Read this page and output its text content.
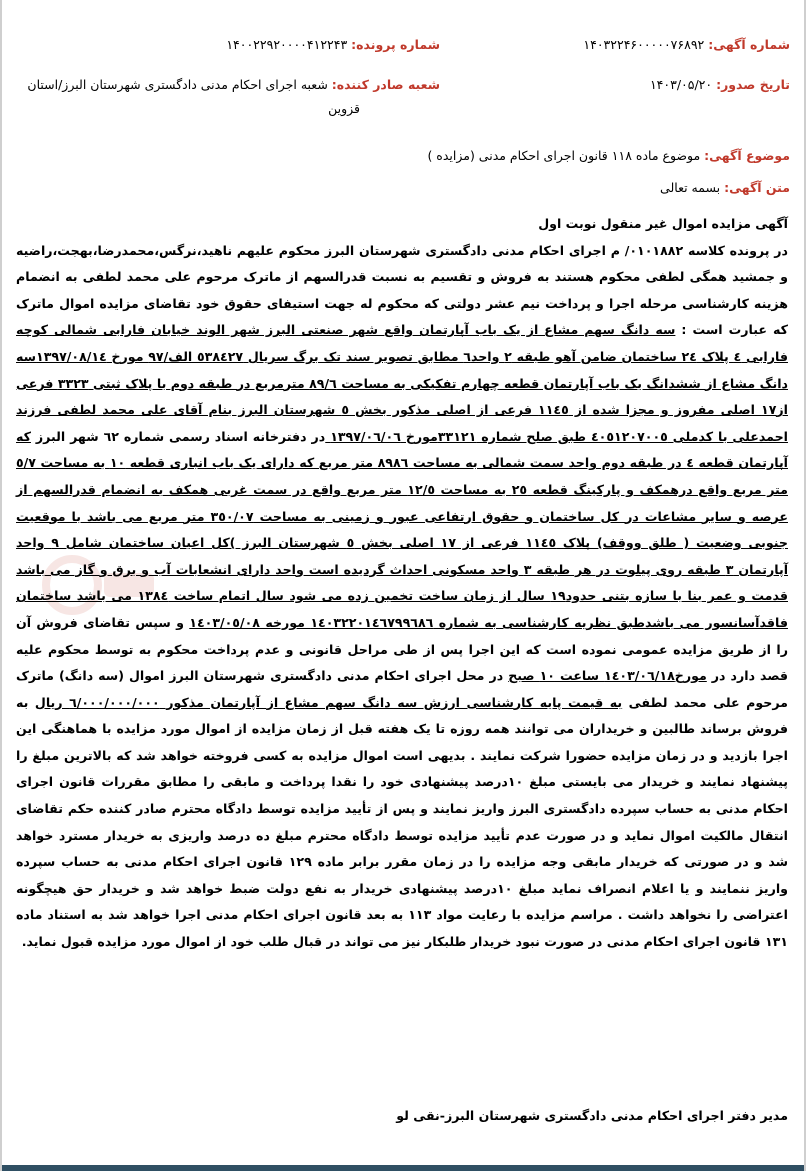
شماره آگهی: ۱۴۰۳۲۲۴۶۰۰۰۰۰۷۶۸۹۲
شماره پرونده: ۱۴۰۰۲۲۹۲۰۰۰۰۴۱۲۲۴۳
تاریخ صدور: ۱۴۰۳/۰۵/۲۰
شعبه صادر کننده: شعبه اجرای احکام مدنی دادگستری شهرستان البرز/استان
قزوین
موضوع آگهی: موضوع ماده ۱۱۸ قانون اجرای احکام مدنی (مزایده )
متن آگهی: بسمه تعالی

آگهی مزایده اموال غیر منقول نوبت اول

در پرونده کلاسه ۰۱۰۱۸۸۲/ م اجرای احکام مدنی دادگستری شهرستان البرز محکوم علیهم ناهید،نرگس،محمدرضا،بهجت،راضیه و جمشید همگی لطفی محکوم هستند به فروش و تقسیم به نسبت قدرالسهم از ماترک مرحوم علی محمد لطفی به انضمام هزینه کارشناسی مرحله اجرا و پرداخت نیم عشر دولتی که محکوم له جهت استیفای حقوق خود تقاضای مزایده اموال ماترک که عبارت است : سه دانگ سهم مشاع از یک باب آپارتمان واقع شهر صنعتی البرز شهر الوند خیابان فارابی شمالی کوچه فارابی ٤ پلاک ٢٤ ساختمان ضامن آهو طبقه ٢ واحد٦ مطابق تصویر سند تک برگ سریال ٥٣٨٤٢٧ الف/٩٧ مورخ ١٣٩٧/٠٨/١٤سه دانگ مشاع از ششدانگ یک باب آپارتمان قطعه چهارم تفکیکی به مساحت ٨٩/٦ مترمربع در طبقه دوم با پلاک ثبتی ٣٣٢٣ فرعی از١٧ اصلی مفروز و مجزا شده از ١١٤٥ فرعی از اصلی مذکور بخش ٥ شهرستان البرز بنام آقای علی محمد لطفی فرزند احمدعلی با کدملی ٤٠٥١٢٠٧٠٠٥ طبق صلح شماره ٣٣١٢١مورخ ١٣٩٧/٠٦/٠٦ در دفترخانه اسناد رسمی شماره ٦٢ شهر البرز که آپارتمان قطعه ٤ در طبقه دوم واحد سمت شمالی به مساحت ٨٩٨٦ متر مربع که دارای یک باب انباری قطعه ١٠ به مساحت ٥/٧ متر مربع واقع درهمکف و پارکینگ قطعه ٢٥ به مساحت ١٢/٥ متر مربع واقع در سمت غربی همکف به انضمام قدرالسهم از عرصه و سایر مشاعات در کل ساختمان و حقوق ارتفاعی عبور و زمینی به مساحت ٣٥٠/٠٧ متر مربع می باشد با موقعیت جنوبی وضعیت ( طلق ووقف) پلاک ١١٤٥ فرعی از ١٧ اصلی بخش ٥ شهرستان البرز )کل اعیان ساختمان شامل ٩ واحد آپارتمان ٣ طبقه روی پیلوت در هر طبقه ٣ واحد مسکونی احداث گردیده است واحد دارای انشعابات آب و برق و گاز می باشد قدمت و عمر بنا با سازه بتنی حدود١٩ سال از زمان ساخت تخمین زده می شود سال اتمام ساخت ١٣٨٤ می باشد ساختمان فاقدآسانسور می باشدطبق نظریه کارشناسی به شماره ١٤٠٣٢٢٠١٤٦٧٩٩٦٨٦ مورخه ١٤٠٣/٠٥/٠٨ و سپس تقاضای فروش آن را از طریق مزایده عمومی نموده است که این اجرا پس از طی مراحل قانونی و عدم پرداخت محکوم به توسط محکوم علیه قصد دارد در مورخ١٤٠٣/٠٦/١٨ ساعت ١٠ صبح در محل اجرای احکام مدنی دادگستری شهرستان البرز اموال (سه دانگ) ماترک مرحوم علی محمد لطفی به قیمت پایه کارشناسی ارزش سه دانگ سهم مشاع از آپارتمان مذکور ٦/٠٠٠/٠٠٠/٠٠٠ ریال به فروش برساند طالبین و خریداران می توانند همه روزه تا یک هفته قبل از زمان مزایده از اموال مورد مزایده با هماهنگی این اجرا بازدید و در زمان مزایده حضورا شرکت نمایند . بدیهی است اموال مزایده به کسی فروخته خواهد شد که بالاترین مبلغ را پیشنهاد نمایند و خریدار می بایستی مبلغ ١٠درصد پیشنهادی خود را نقدا پرداخت و مابقی را مطابق مقررات قانون اجرای احکام مدنی به حساب سپرده دادگستری البرز واریز نمایند و پس از تأیید مزایده توسط دادگاه محترم صادر کننده حکم تقاضای انتقال مالکیت اموال نماید و در صورت عدم تأیید مزایده توسط دادگاه محترم مبلغ ده درصد واریزی به خریدار مسترد خواهد شد و در صورتی که خریدار مابقی وجه مزایده را در زمان مقرر برابر ماده ١٢٩ قانون اجرای احکام مدنی به حساب سپرده واریز ننمایند و یا اعلام انصراف نماید مبلغ ١٠درصد پیشنهادی خریدار به نفع دولت ضبط خواهد شد و خریدار حق هیچگونه اعتراضی را نخواهد داشت . مراسم مزایده با رعایت مواد ١١٣ به بعد قانون اجرای احکام مدنی اجرا خواهد شد به استناد ماده ١٣١ قانون اجرای احکام مدنی در صورت نبود خریدار طلبکار نیز می تواند در قبال طلب خود از اموال مورد مزایده قبول نماید.

مدیر دفتر اجرای احکام مدنی دادگستری شهرستان البرز-نقی لو
